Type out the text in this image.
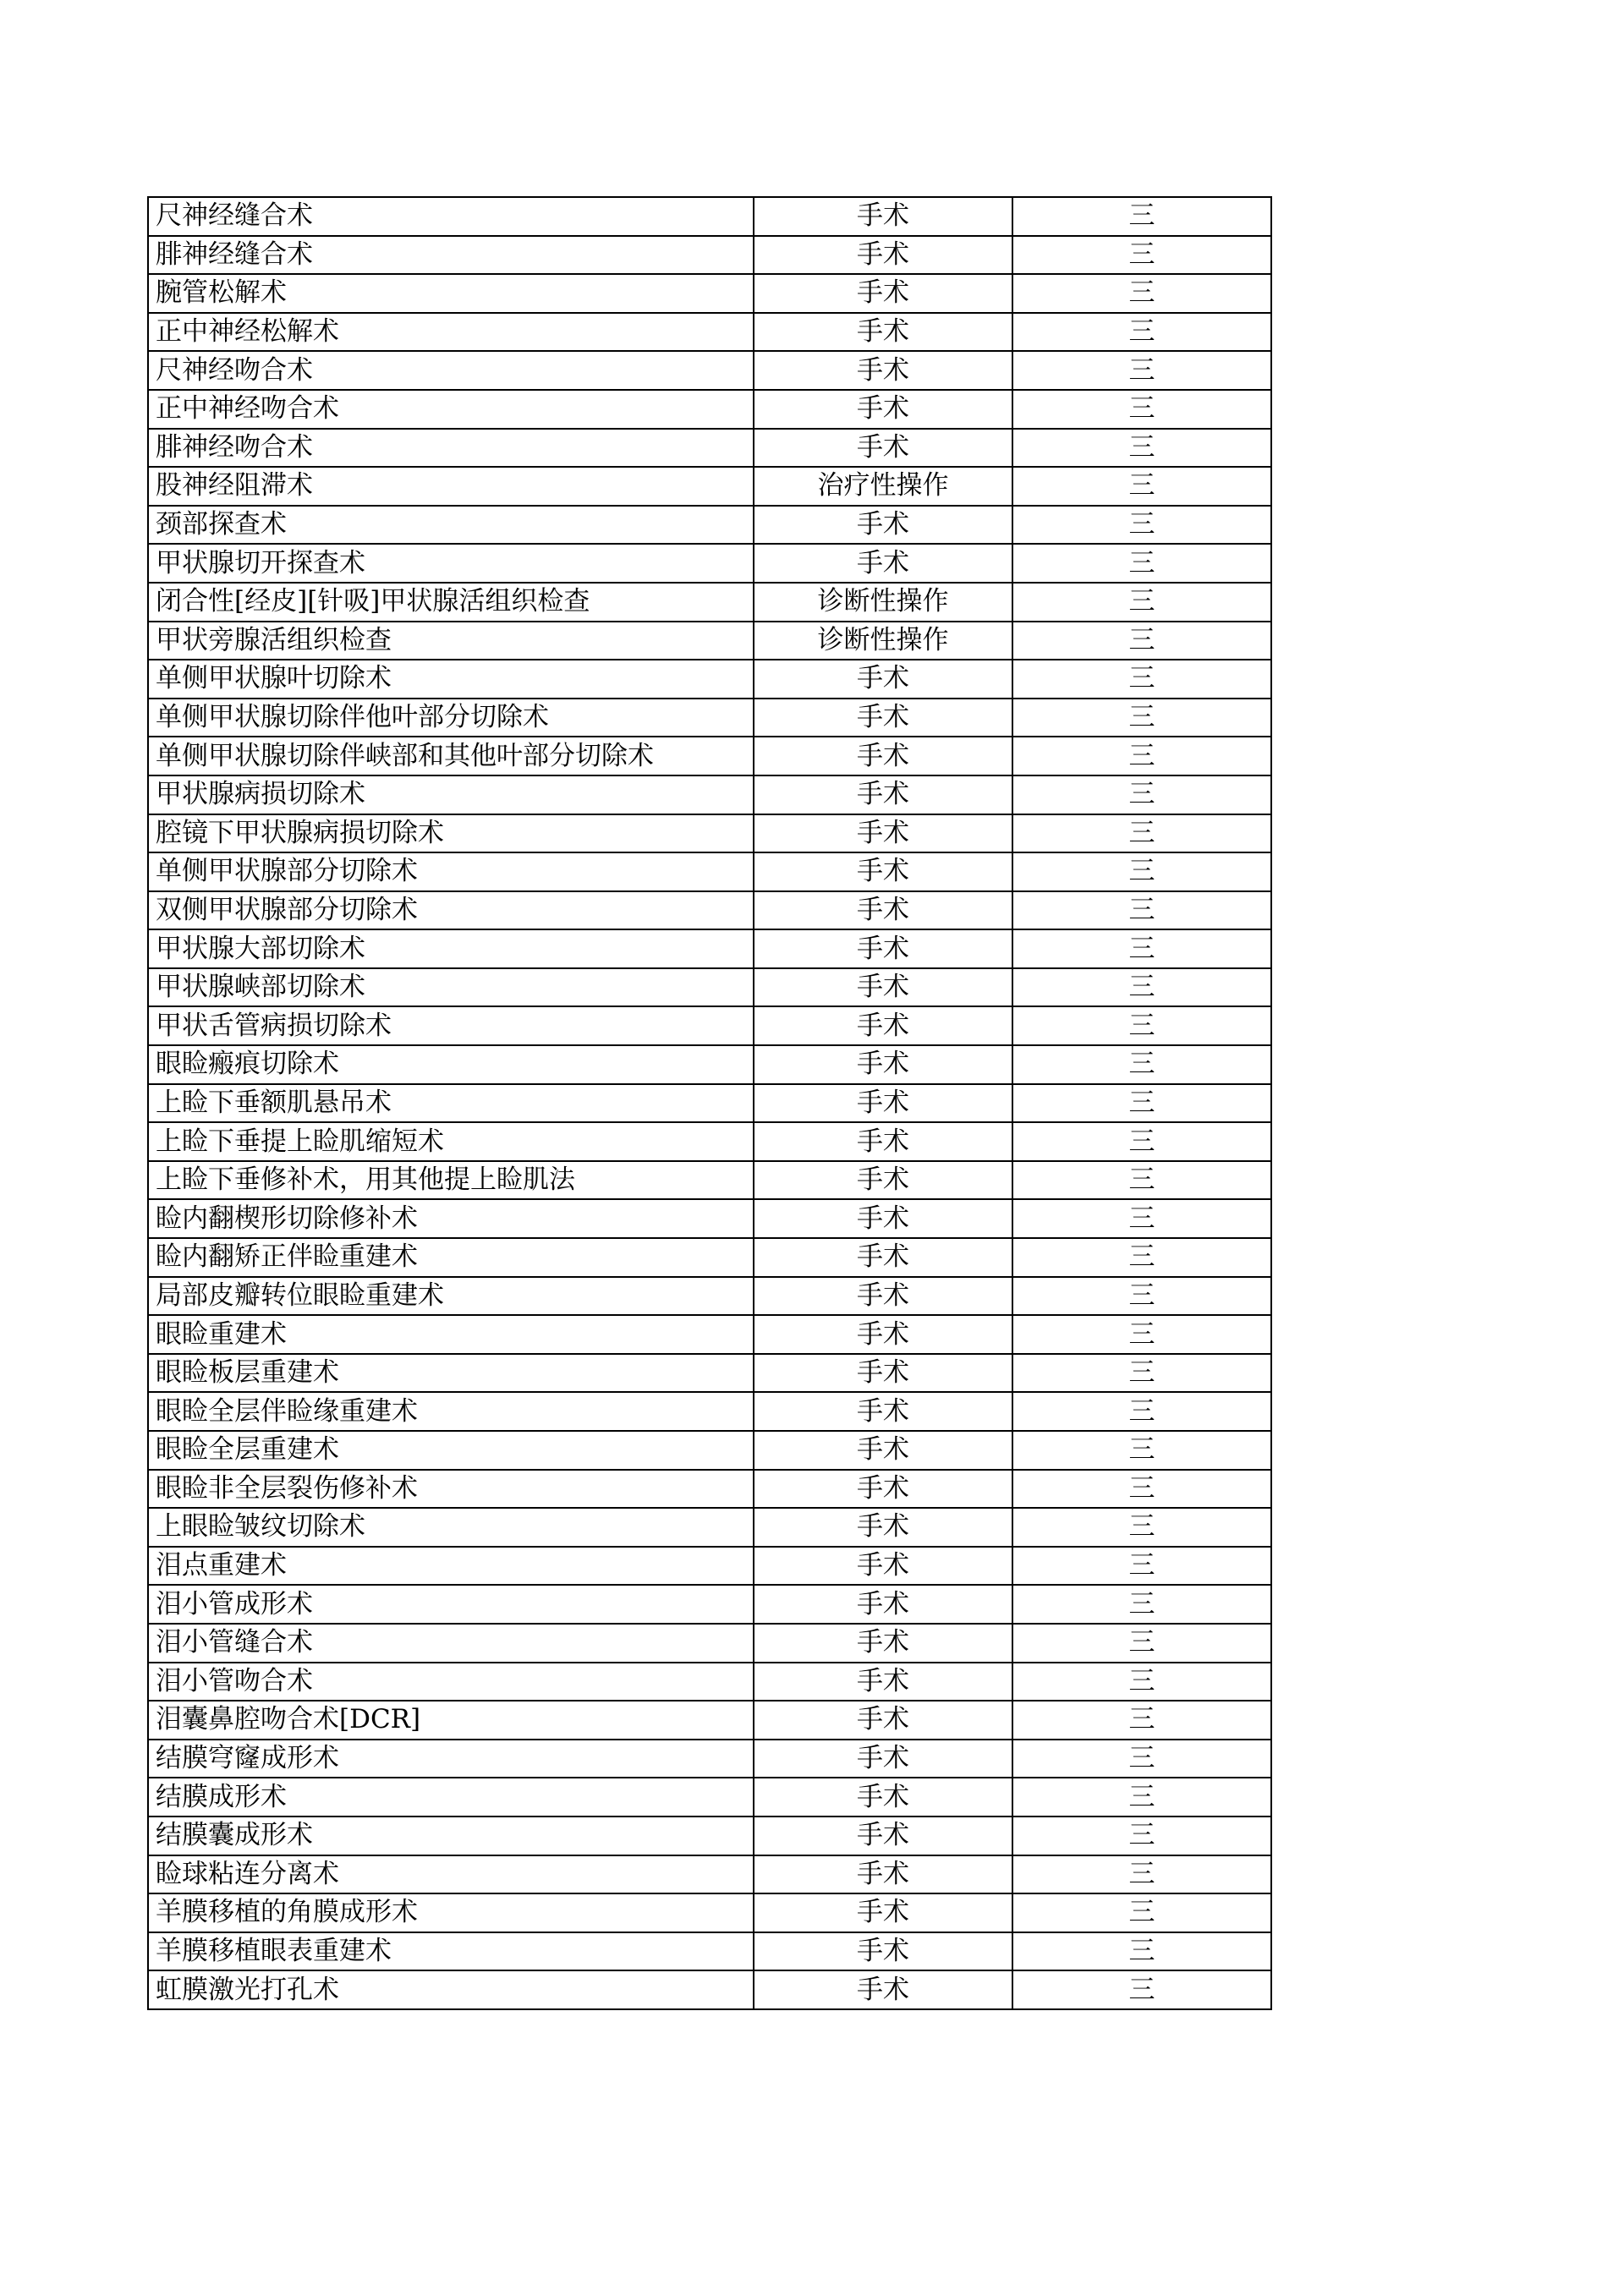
尺神经缝合术	手术	三
腓神经缝合术	手术	三
腕管松解术	手术	三
正中神经松解术	手术	三
尺神经吻合术	手术	三
正中神经吻合术	手术	三
腓神经吻合术	手术	三
股神经阻滞术	治疗性操作	三
颈部探查术	手术	三
甲状腺切开探查术	手术	三
闭合性[经皮][针吸]甲状腺活组织检查	诊断性操作	三
甲状旁腺活组织检查	诊断性操作	三
单侧甲状腺叶切除术	手术	三
单侧甲状腺切除伴他叶部分切除术	手术	三
单侧甲状腺切除伴峡部和其他叶部分切除术	手术	三
甲状腺病损切除术	手术	三
腔镜下甲状腺病损切除术	手术	三
单侧甲状腺部分切除术	手术	三
双侧甲状腺部分切除术	手术	三
甲状腺大部切除术	手术	三
甲状腺峡部切除术	手术	三
甲状舌管病损切除术	手术	三
眼睑瘢痕切除术	手术	三
上睑下垂额肌悬吊术	手术	三
上睑下垂提上睑肌缩短术	手术	三
上睑下垂修补术，用其他提上睑肌法	手术	三
睑内翻楔形切除修补术	手术	三
睑内翻矫正伴睑重建术	手术	三
局部皮瓣转位眼睑重建术	手术	三
眼睑重建术	手术	三
眼睑板层重建术	手术	三
眼睑全层伴睑缘重建术	手术	三
眼睑全层重建术	手术	三
眼睑非全层裂伤修补术	手术	三
上眼睑皱纹切除术	手术	三
泪点重建术	手术	三
泪小管成形术	手术	三
泪小管缝合术	手术	三
泪小管吻合术	手术	三
泪囊鼻腔吻合术[DCR]	手术	三
结膜穹窿成形术	手术	三
结膜成形术	手术	三
结膜囊成形术	手术	三
睑球粘连分离术	手术	三
羊膜移植的角膜成形术	手术	三
羊膜移植眼表重建术	手术	三
虹膜激光打孔术	手术	三
